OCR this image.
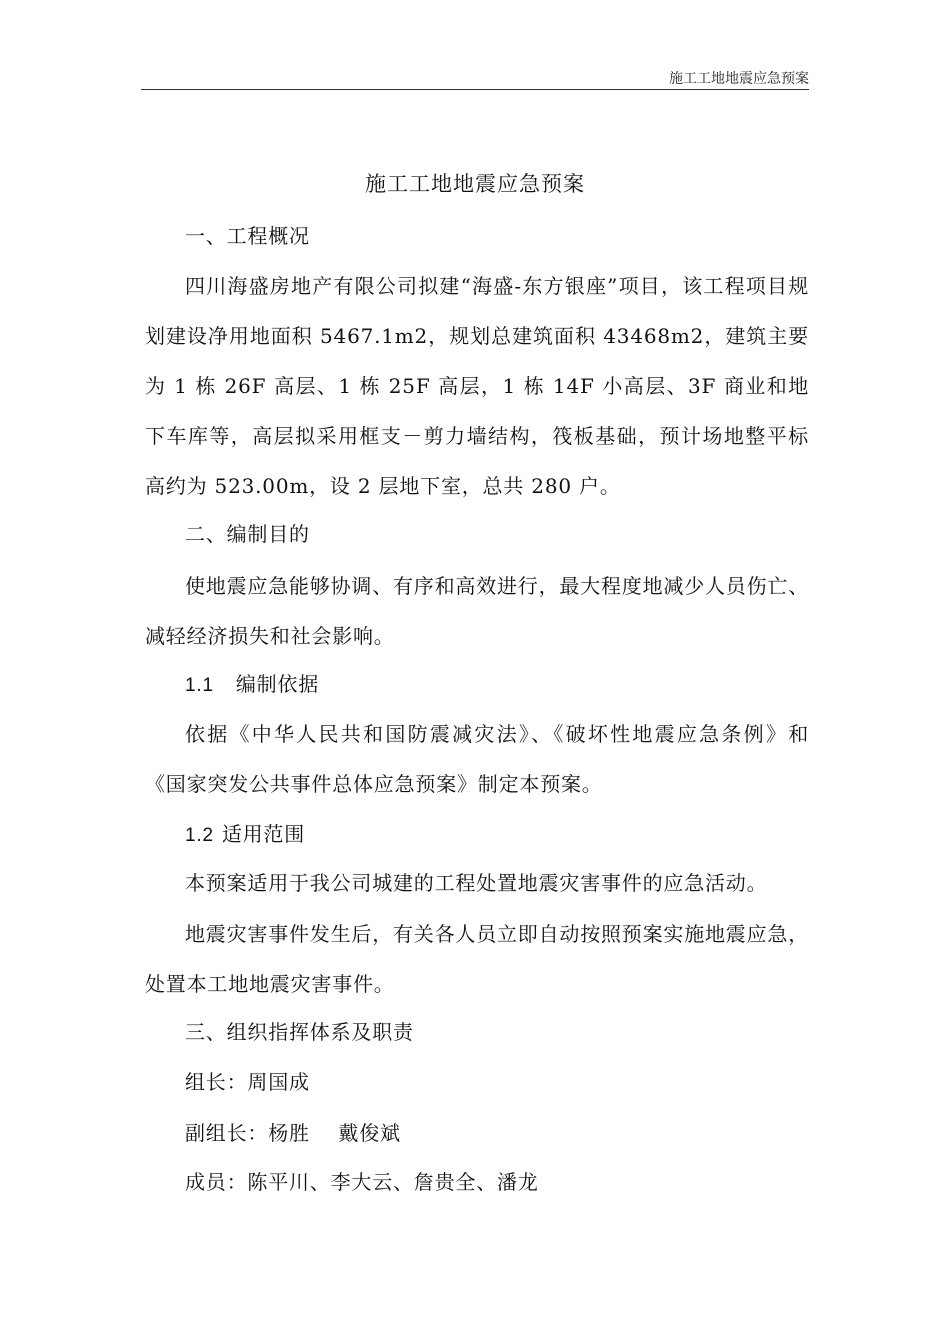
施工工地地震应急预案
施工工地地震应急预案

一、工程概况

四川海盛房地产有限公司拟建“海盛-东方银座”项目，该工程项目规划建设净用地面积 5467.1m2，规划总建筑面积 43468m2，建筑主要为 1 栋 26F 高层、1 栋 25F 高层，1 栋 14F 小高层、3F 商业和地下车库等，高层拟采用框支－剪力墙结构，筏板基础，预计场地整平标高约为 523.00m，设 2 层地下室，总共 280 户。

二、编制目的

使地震应急能够协调、有序和高效进行，最大程度地减少人员伤亡、减轻经济损失和社会影响。

1.1 编制依据

依据《中华人民共和国防震减灾法》、《破坏性地震应急条例》和《国家突发公共事件总体应急预案》制定本预案。

1.2 适用范围

本预案适用于我公司城建的工程处置地震灾害事件的应急活动。

地震灾害事件发生后，有关各人员立即自动按照预案实施地震应急，处置本工地地震灾害事件。

三、组织指挥体系及职责

组长：周国成

副组长：杨胜    戴俊斌

成员：陈平川、李大云、詹贵全、潘龙
